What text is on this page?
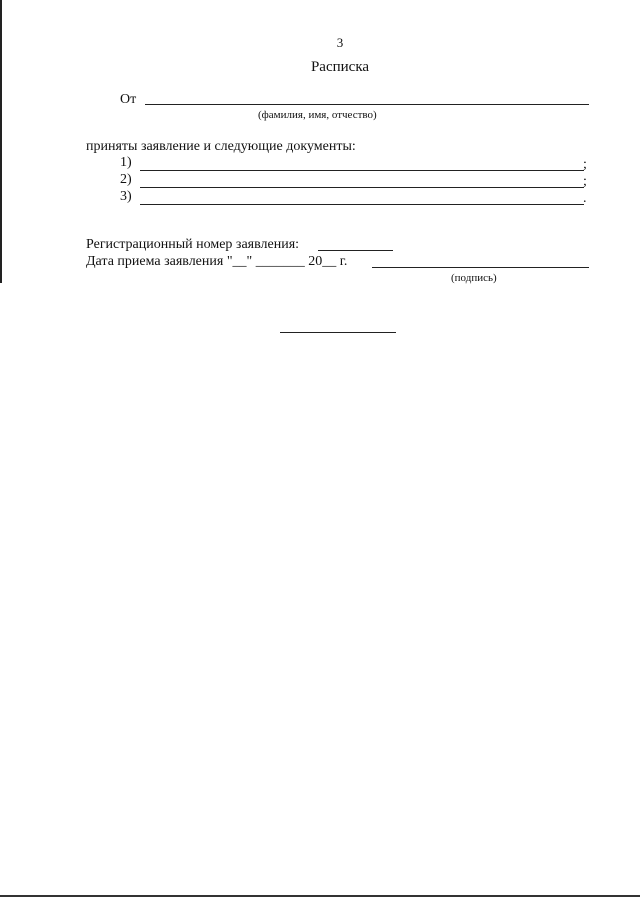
3
Расписка
От
(фамилия, имя, отчество)
приняты заявление и следующие документы:
1)	;
2)	;
3)	.
Регистрационный номер заявления:
Дата приема заявления "__" _______ 20__ г.
(подпись)
